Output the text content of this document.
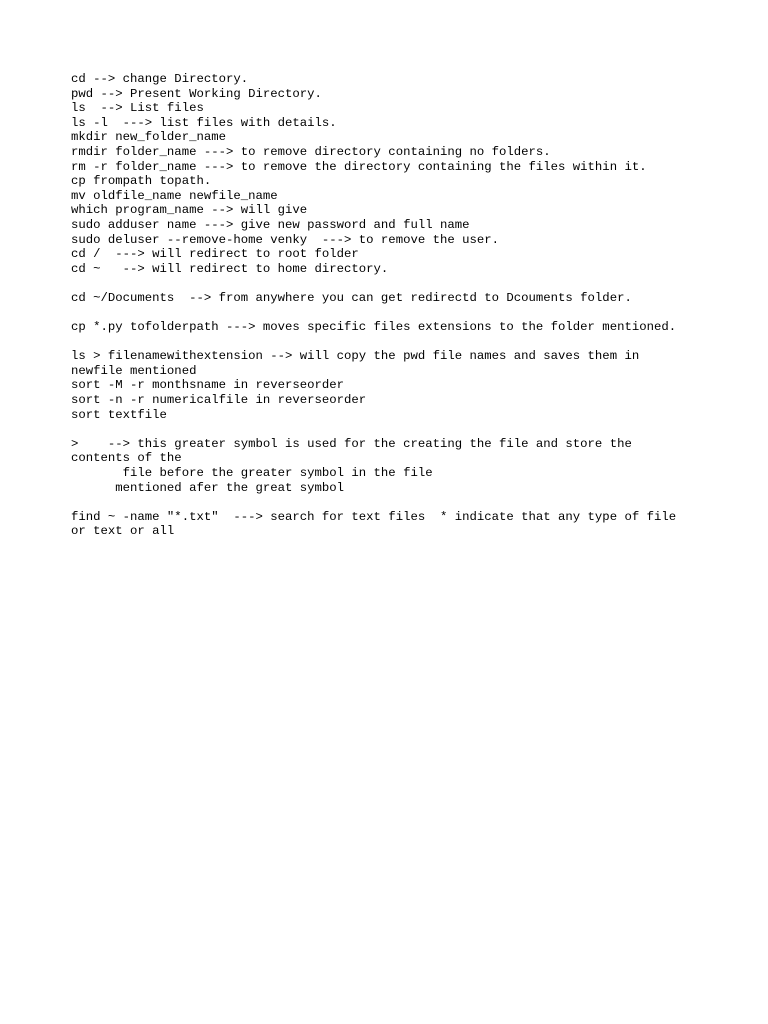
cd --> change Directory.
pwd --> Present Working Directory.
ls  --> List files
ls -l  ---> list files with details.
mkdir new_folder_name
rmdir folder_name ---> to remove directory containing no folders.
rm -r folder_name ---> to remove the directory containing the files within it.
cp frompath topath.
mv oldfile_name newfile_name
which program_name --> will give
sudo adduser name ---> give new password and full name
sudo deluser --remove-home venky  ---> to remove the user.
cd /  ---> will redirect to root folder
cd ~   --> will redirect to home directory.
cd ~/Documents  --> from anywhere you can get redirectd to Dcouments folder.
cp *.py tofolderpath ---> moves specific files extensions to the folder mentioned.
ls > filenamewithextension --> will copy the pwd file names and saves them in
newfile mentioned
sort -M -r monthsname in reverseorder
sort -n -r numericalfile in reverseorder
sort textfile
>    --> this greater symbol is used for the creating the file and store the
contents of the
file before the greater symbol in the file
mentioned afer the great symbol
find ~ -name "*.txt"  ---> search for text files  * indicate that any type of file
or text or all
